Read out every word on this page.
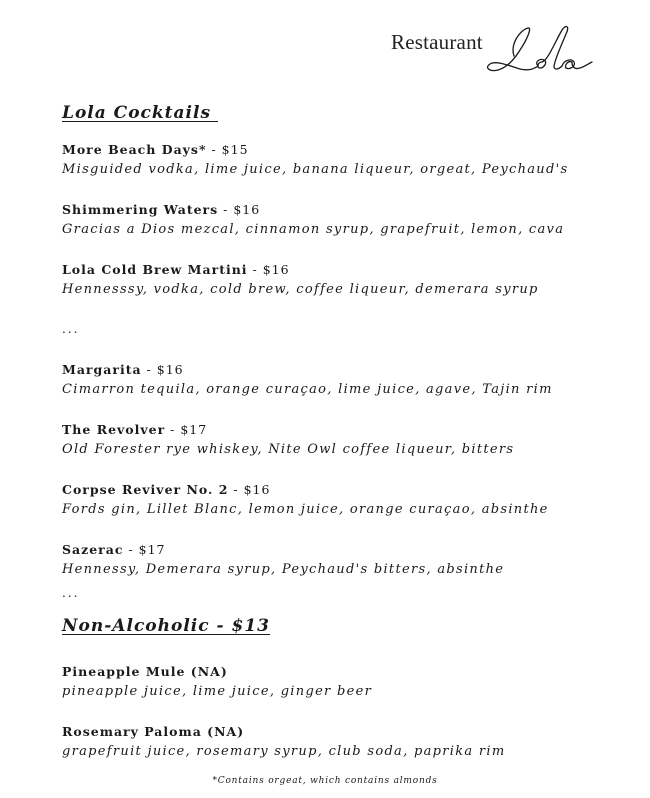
Restaurant
Lola Cocktails
More Beach Days* - $15
Misguided vodka, lime juice, banana liqueur, orgeat, Peychaud's
Shimmering Waters - $16
Gracias a Dios mezcal, cinnamon syrup, grapefruit, lemon, cava
Lola Cold Brew Martini - $16
Hennesssy, vodka, cold brew, coffee liqueur, demerara syrup
...
Margarita - $16
Cimarron tequila, orange curaçao, lime juice, agave, Tajin rim
The Revolver - $17
Old Forester rye whiskey, Nite Owl coffee liqueur, bitters
Corpse Reviver No. 2 - $16
Fords gin, Lillet Blanc, lemon juice, orange curaçao, absinthe
Sazerac - $17
Hennessy, Demerara syrup, Peychaud's bitters, absinthe
...
Non-Alcoholic - $13
Pineapple Mule (NA)
pineapple juice, lime juice, ginger beer
Rosemary Paloma (NA)
grapefruit juice, rosemary syrup, club soda, paprika rim
*Contains orgeat, which contains almonds
